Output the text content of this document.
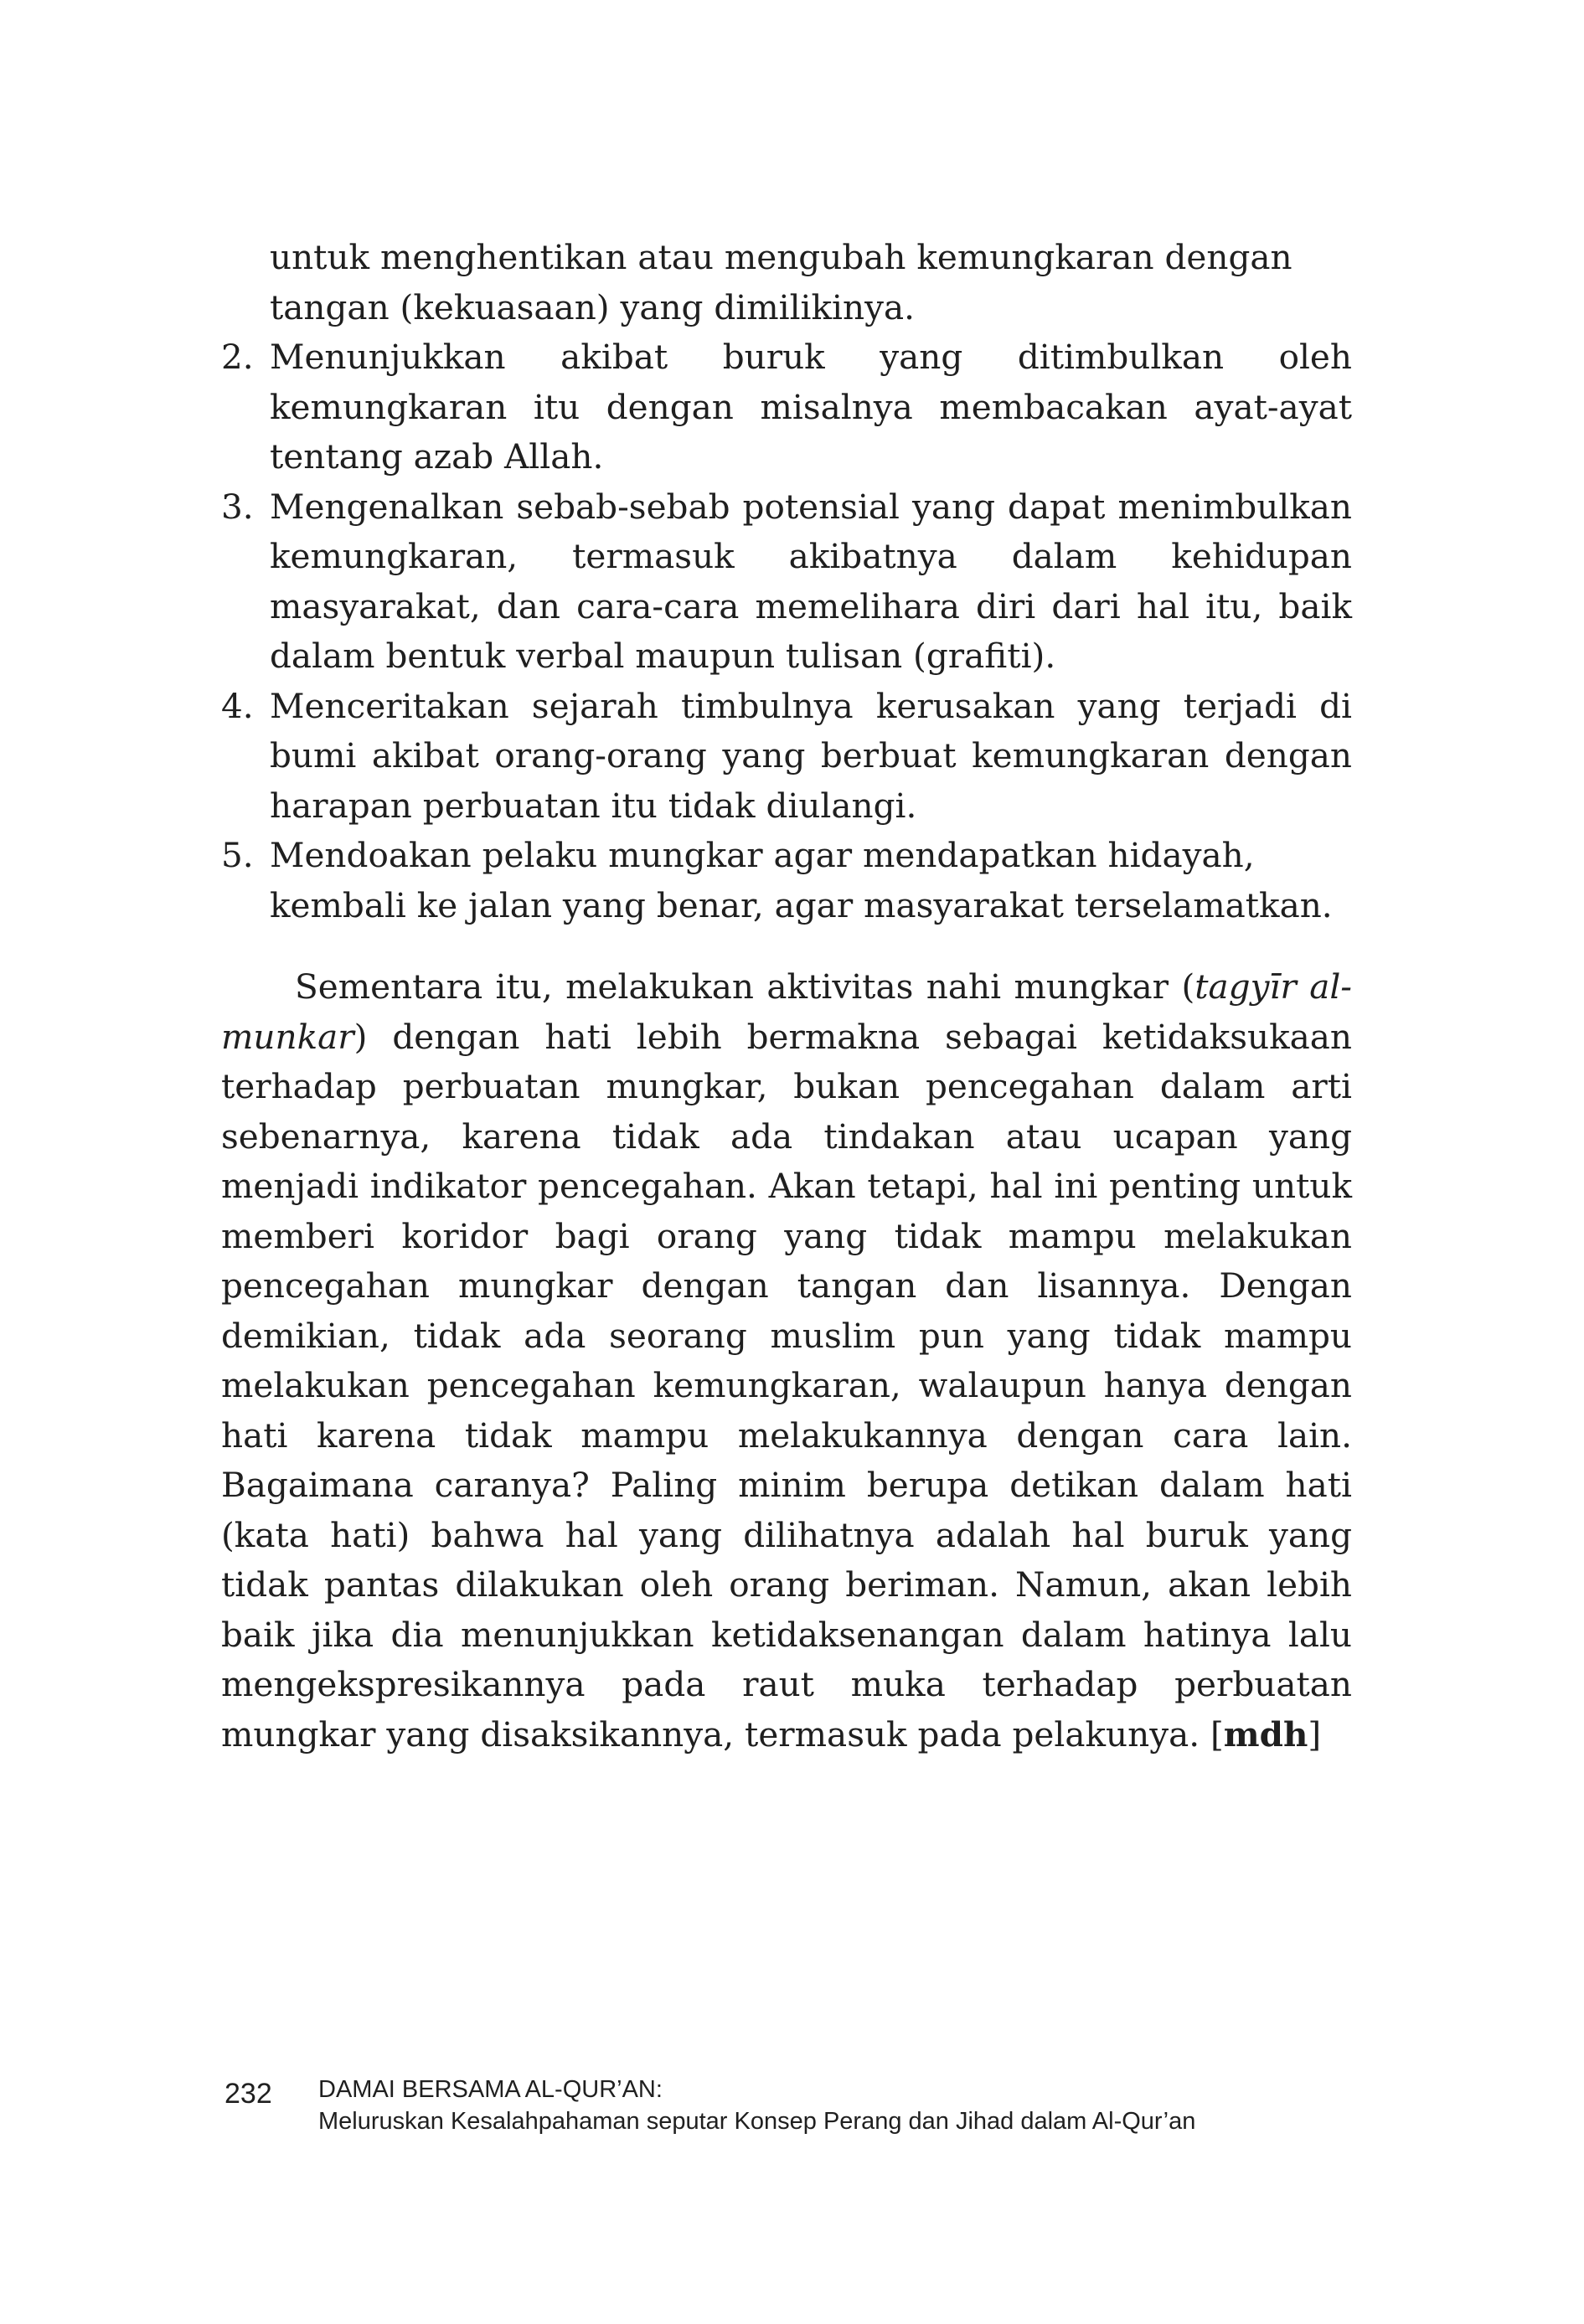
untuk menghentikan atau mengubah kemungkaran dengan tangan (kekuasaan) yang dimilikinya.

2. Menunjukkan akibat buruk yang ditimbulkan oleh kemungkaran itu dengan misalnya membacakan ayat-ayat tentang azab Allah.
3. Mengenalkan sebab-sebab potensial yang dapat menimbulkan kemungkaran, termasuk akibatnya dalam kehidupan masyarakat, dan cara-cara memelihara diri dari hal itu, baik dalam bentuk verbal maupun tulisan (grafiti).
4. Menceritakan sejarah timbulnya kerusakan yang terjadi di bumi akibat orang-orang yang berbuat kemungkaran dengan harapan perbuatan itu tidak diulangi.
5. Mendoakan pelaku mungkar agar mendapatkan hidayah, kembali ke jalan yang benar, agar masyarakat terselamatkan.

Sementara itu, melakukan aktivitas nahi mungkar (tagyīr al-munkar) dengan hati lebih bermakna sebagai ketidaksukaan terhadap perbuatan mungkar, bukan pencegahan dalam arti sebenarnya, karena tidak ada tindakan atau ucapan yang menjadi indikator pencegahan. Akan tetapi, hal ini penting untuk memberi koridor bagi orang yang tidak mampu melakukan pencegahan mungkar dengan tangan dan lisannya. Dengan demikian, tidak ada seorang muslim pun yang tidak mampu melakukan pencegahan kemungkaran, walaupun hanya dengan hati karena tidak mampu melakukannya dengan cara lain. Bagaimana caranya? Paling minim berupa detikan dalam hati (kata hati) bahwa hal yang dilihatnya adalah hal buruk yang tidak pantas dilakukan oleh orang beriman. Namun, akan lebih baik jika dia menunjukkan ketidaksenangan dalam hatinya lalu mengekspresikannya pada raut muka terhadap perbuatan mungkar yang disaksikannya, termasuk pada pelakunya. [mdh]

232 DAMAI BERSAMA AL-QUR’AN:
Meluruskan Kesalahpahaman seputar Konsep Perang dan Jihad dalam Al-Qur’an
